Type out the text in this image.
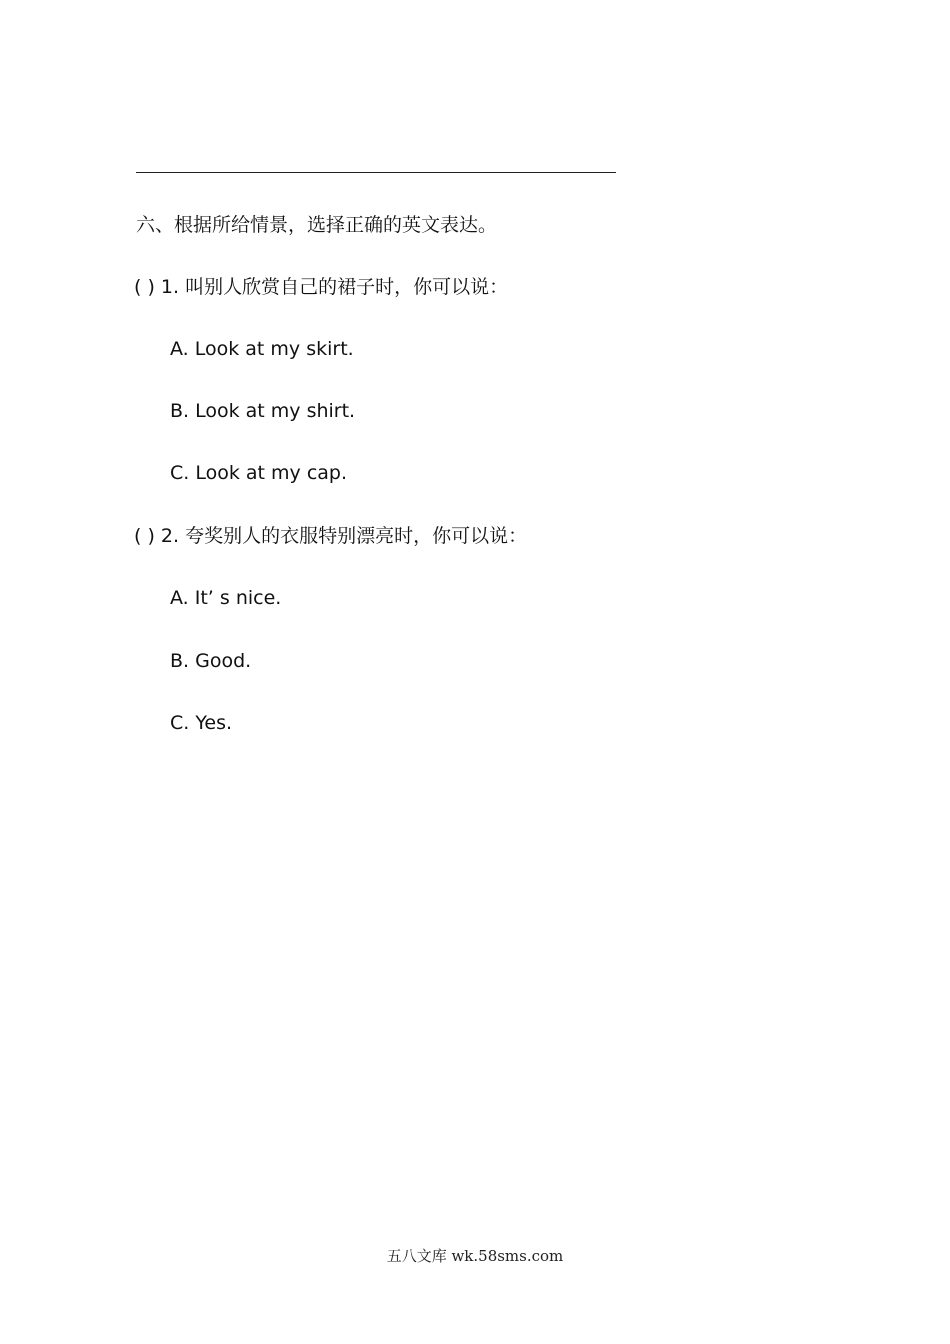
六、根据所给情景，选择正确的英文表达。
( ) 1. 叫别人欣赏自己的裙子时，你可以说：
A. Look at my skirt.
B. Look at my shirt.
C. Look at my cap.
( ) 2. 夸奖别人的衣服特别漂亮时，你可以说：
A. It’ s nice.
B. Good.
C. Yes.
五八文库 wk.58sms.com
